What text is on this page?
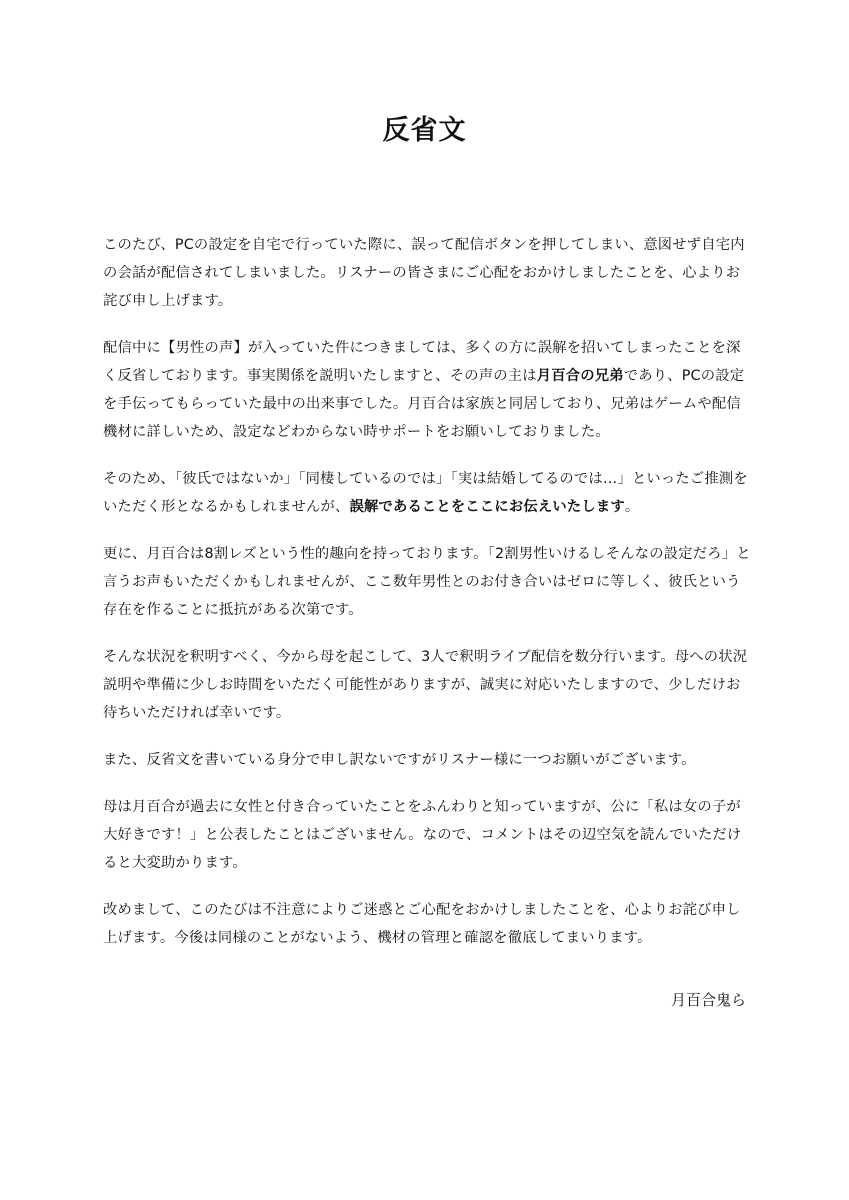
反省文

このたび、PCの設定を自宅で行っていた際に、誤って配信ボタンを押してしまい、意図せず自宅内の会話が配信されてしまいました。リスナーの皆さまにご心配をおかけしましたことを、心よりお詫び申し上げます。

配信中に【男性の声】が入っていた件につきましては、多くの方に誤解を招いてしまったことを深く反省しております。事実関係を説明いたしますと、その声の主は月百合の兄弟であり、PCの設定を手伝ってもらっていた最中の出来事でした。月百合は家族と同居しており、兄弟はゲームや配信機材に詳しいため、設定などわからない時サポートをお願いしておりました。

そのため、「彼氏ではないか」「同棲しているのでは」「実は結婚してるのでは…」といったご推測をいただく形となるかもしれませんが、誤解であることをここにお伝えいたします。

更に、月百合は8割レズという性的趣向を持っております。「2割男性いけるしそんなの設定だろ」と言うお声もいただくかもしれませんが、ここ数年男性とのお付き合いはゼロに等しく、彼氏という存在を作ることに抵抗がある次第です。

そんな状況を釈明すべく、今から母を起こして、3人で釈明ライブ配信を数分行います。母への状況説明や準備に少しお時間をいただく可能性がありますが、誠実に対応いたしますので、少しだけお待ちいただければ幸いです。

また、反省文を書いている身分で申し訳ないですがリスナー様に一つお願いがございます。

母は月百合が過去に女性と付き合っていたことをふんわりと知っていますが、公に「私は女の子が大好きです！」と公表したことはございません。なので、コメントはその辺空気を読んでいただけると大変助かります。

改めまして、このたびは不注意によりご迷惑とご心配をおかけしましたことを、心よりお詫び申し上げます。今後は同様のことがないよう、機材の管理と確認を徹底してまいります。

月百合鬼ら
